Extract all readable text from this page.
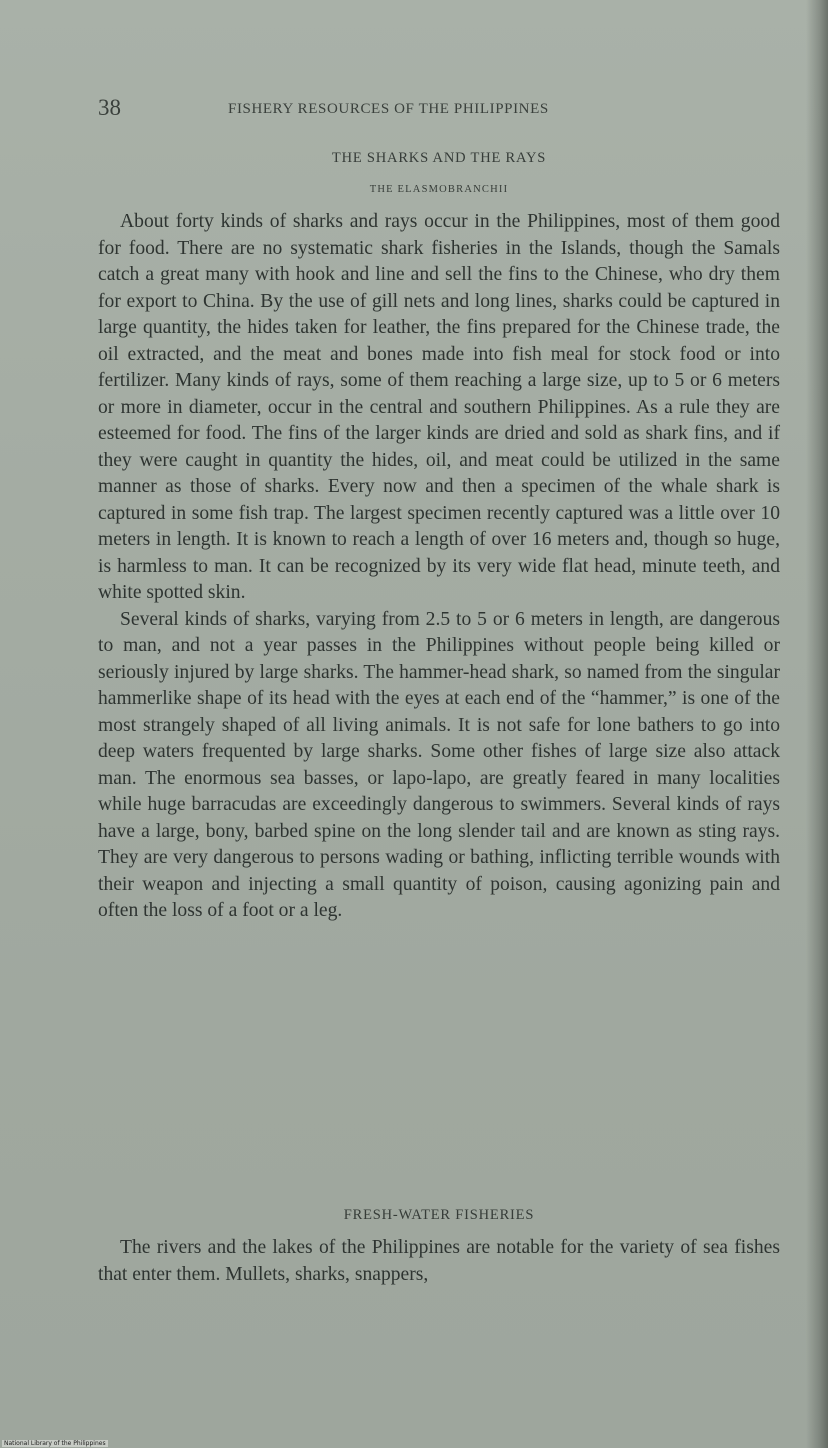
38	FISHERY RESOURCES OF THE PHILIPPINES
THE SHARKS AND THE RAYS
THE ELASMOBRANCHII

About forty kinds of sharks and rays occur in the Philippines, most of them good for food. There are no systematic shark fisheries in the Islands, though the Samals catch a great many with hook and line and sell the fins to the Chinese, who dry them for export to China. By the use of gill nets and long lines, sharks could be captured in large quantity, the hides taken for leather, the fins prepared for the Chinese trade, the oil extracted, and the meat and bones made into fish meal for stock food or into fertilizer. Many kinds of rays, some of them reaching a large size, up to 5 or 6 meters or more in diameter, occur in the central and southern Philippines. As a rule they are esteemed for food. The fins of the larger kinds are dried and sold as shark fins, and if they were caught in quantity the hides, oil, and meat could be utilized in the same manner as those of sharks. Every now and then a specimen of the whale shark is captured in some fish trap. The largest specimen recently captured was a little over 10 meters in length. It is known to reach a length of over 16 meters and, though so huge, is harmless to man. It can be recognized by its very wide flat head, minute teeth, and white spotted skin.

Several kinds of sharks, varying from 2.5 to 5 or 6 meters in length, are dangerous to man, and not a year passes in the Philippines without people being killed or seriously injured by large sharks. The hammer-head shark, so named from the singular hammerlike shape of its head with the eyes at each end of the “hammer,” is one of the most strangely shaped of all living animals. It is not safe for lone bathers to go into deep waters frequented by large sharks. Some other fishes of large size also attack man. The enormous sea basses, or lapo-lapo, are greatly feared in many localities while huge barracudas are exceedingly dangerous to swimmers. Several kinds of rays have a large, bony, barbed spine on the long slender tail and are known as sting rays. They are very dangerous to persons wading or bathing, inflicting terrible wounds with their weapon and injecting a small quantity of poison, causing agonizing pain and often the loss of a foot or a leg.

FRESH-WATER FISHERIES

The rivers and the lakes of the Philippines are notable for the variety of sea fishes that enter them. Mullets, sharks, snappers,

National Library of the Philippines
